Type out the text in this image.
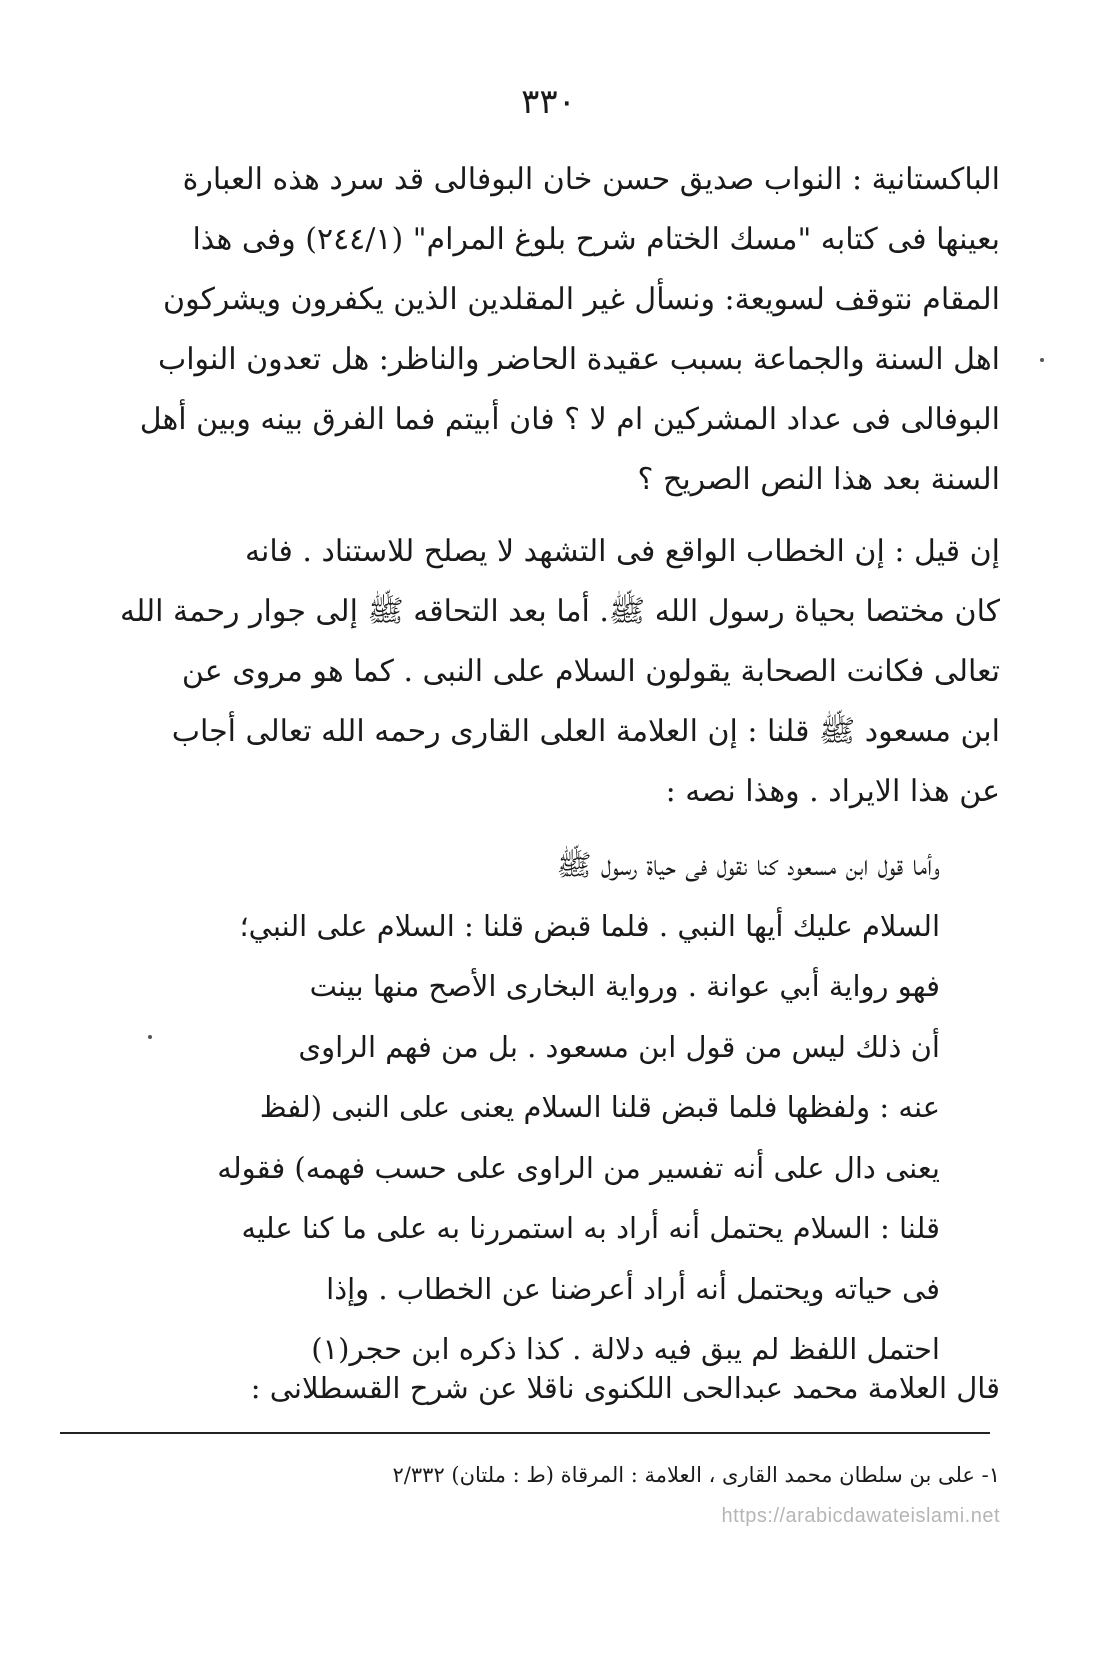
٣٣٠
الباكستانية : النواب صديق حسن خان البوفالى قد سرد هذه العبارة
بعينها فى كتابه "مسك الختام شرح بلوغ المرام" (٢٤٤/١) وفى هذا
المقام نتوقف لسويعة: ونسأل غير المقلدين الذين يكفرون ويشركون
اهل السنة والجماعة بسبب عقيدة الحاضر والناظر: هل تعدون النواب
البوفالى فى عداد المشركين ام لا ؟ فان أبيتم فما الفرق بينه وبين أهل
السنة بعد هذا النص الصريح ؟
إن قيل : إن الخطاب الواقع فى التشهد لا يصلح للاستناد . فانه
كان مختصا بحياة رسول الله ﷺ. أما بعد التحاقه ﷺ إلى جوار رحمة الله
تعالى فكانت الصحابة يقولون السلام على النبى . كما هو مروى عن
ابن مسعود ﷺ قلنا : إن العلامة العلى القارى رحمه الله تعالى أجاب
عن هذا الايراد . وهذا نصه :
وأما قول ابن مسعود كنا نقول فى حياة رسول ﷺ
السلام عليك أيها النبي . فلما قبض قلنا : السلام على النبي؛
فهو رواية أبي عوانة . ورواية البخارى الأصح منها بينت
أن ذلك ليس من قول ابن مسعود . بل من فهم الراوى
عنه : ولفظها فلما قبض قلنا السلام يعنى على النبى (لفظ
يعنى دال على أنه تفسير من الراوى على حسب فهمه) فقوله
قلنا : السلام يحتمل أنه أراد به استمررنا به على ما كنا عليه
فى حياته ويحتمل أنه أراد أعرضنا عن الخطاب . وإذا
احتمل اللفظ لم يبق فيه دلالة . كذا ذكره ابن حجر(١)
قال العلامة محمد عبدالحى اللكنوى ناقلا عن شرح القسطلانى :
١- على بن سلطان محمد القارى ، العلامة : المرقاة (ط : ملتان) ٢/٣٣٢
https://arabicdawateislami.net
